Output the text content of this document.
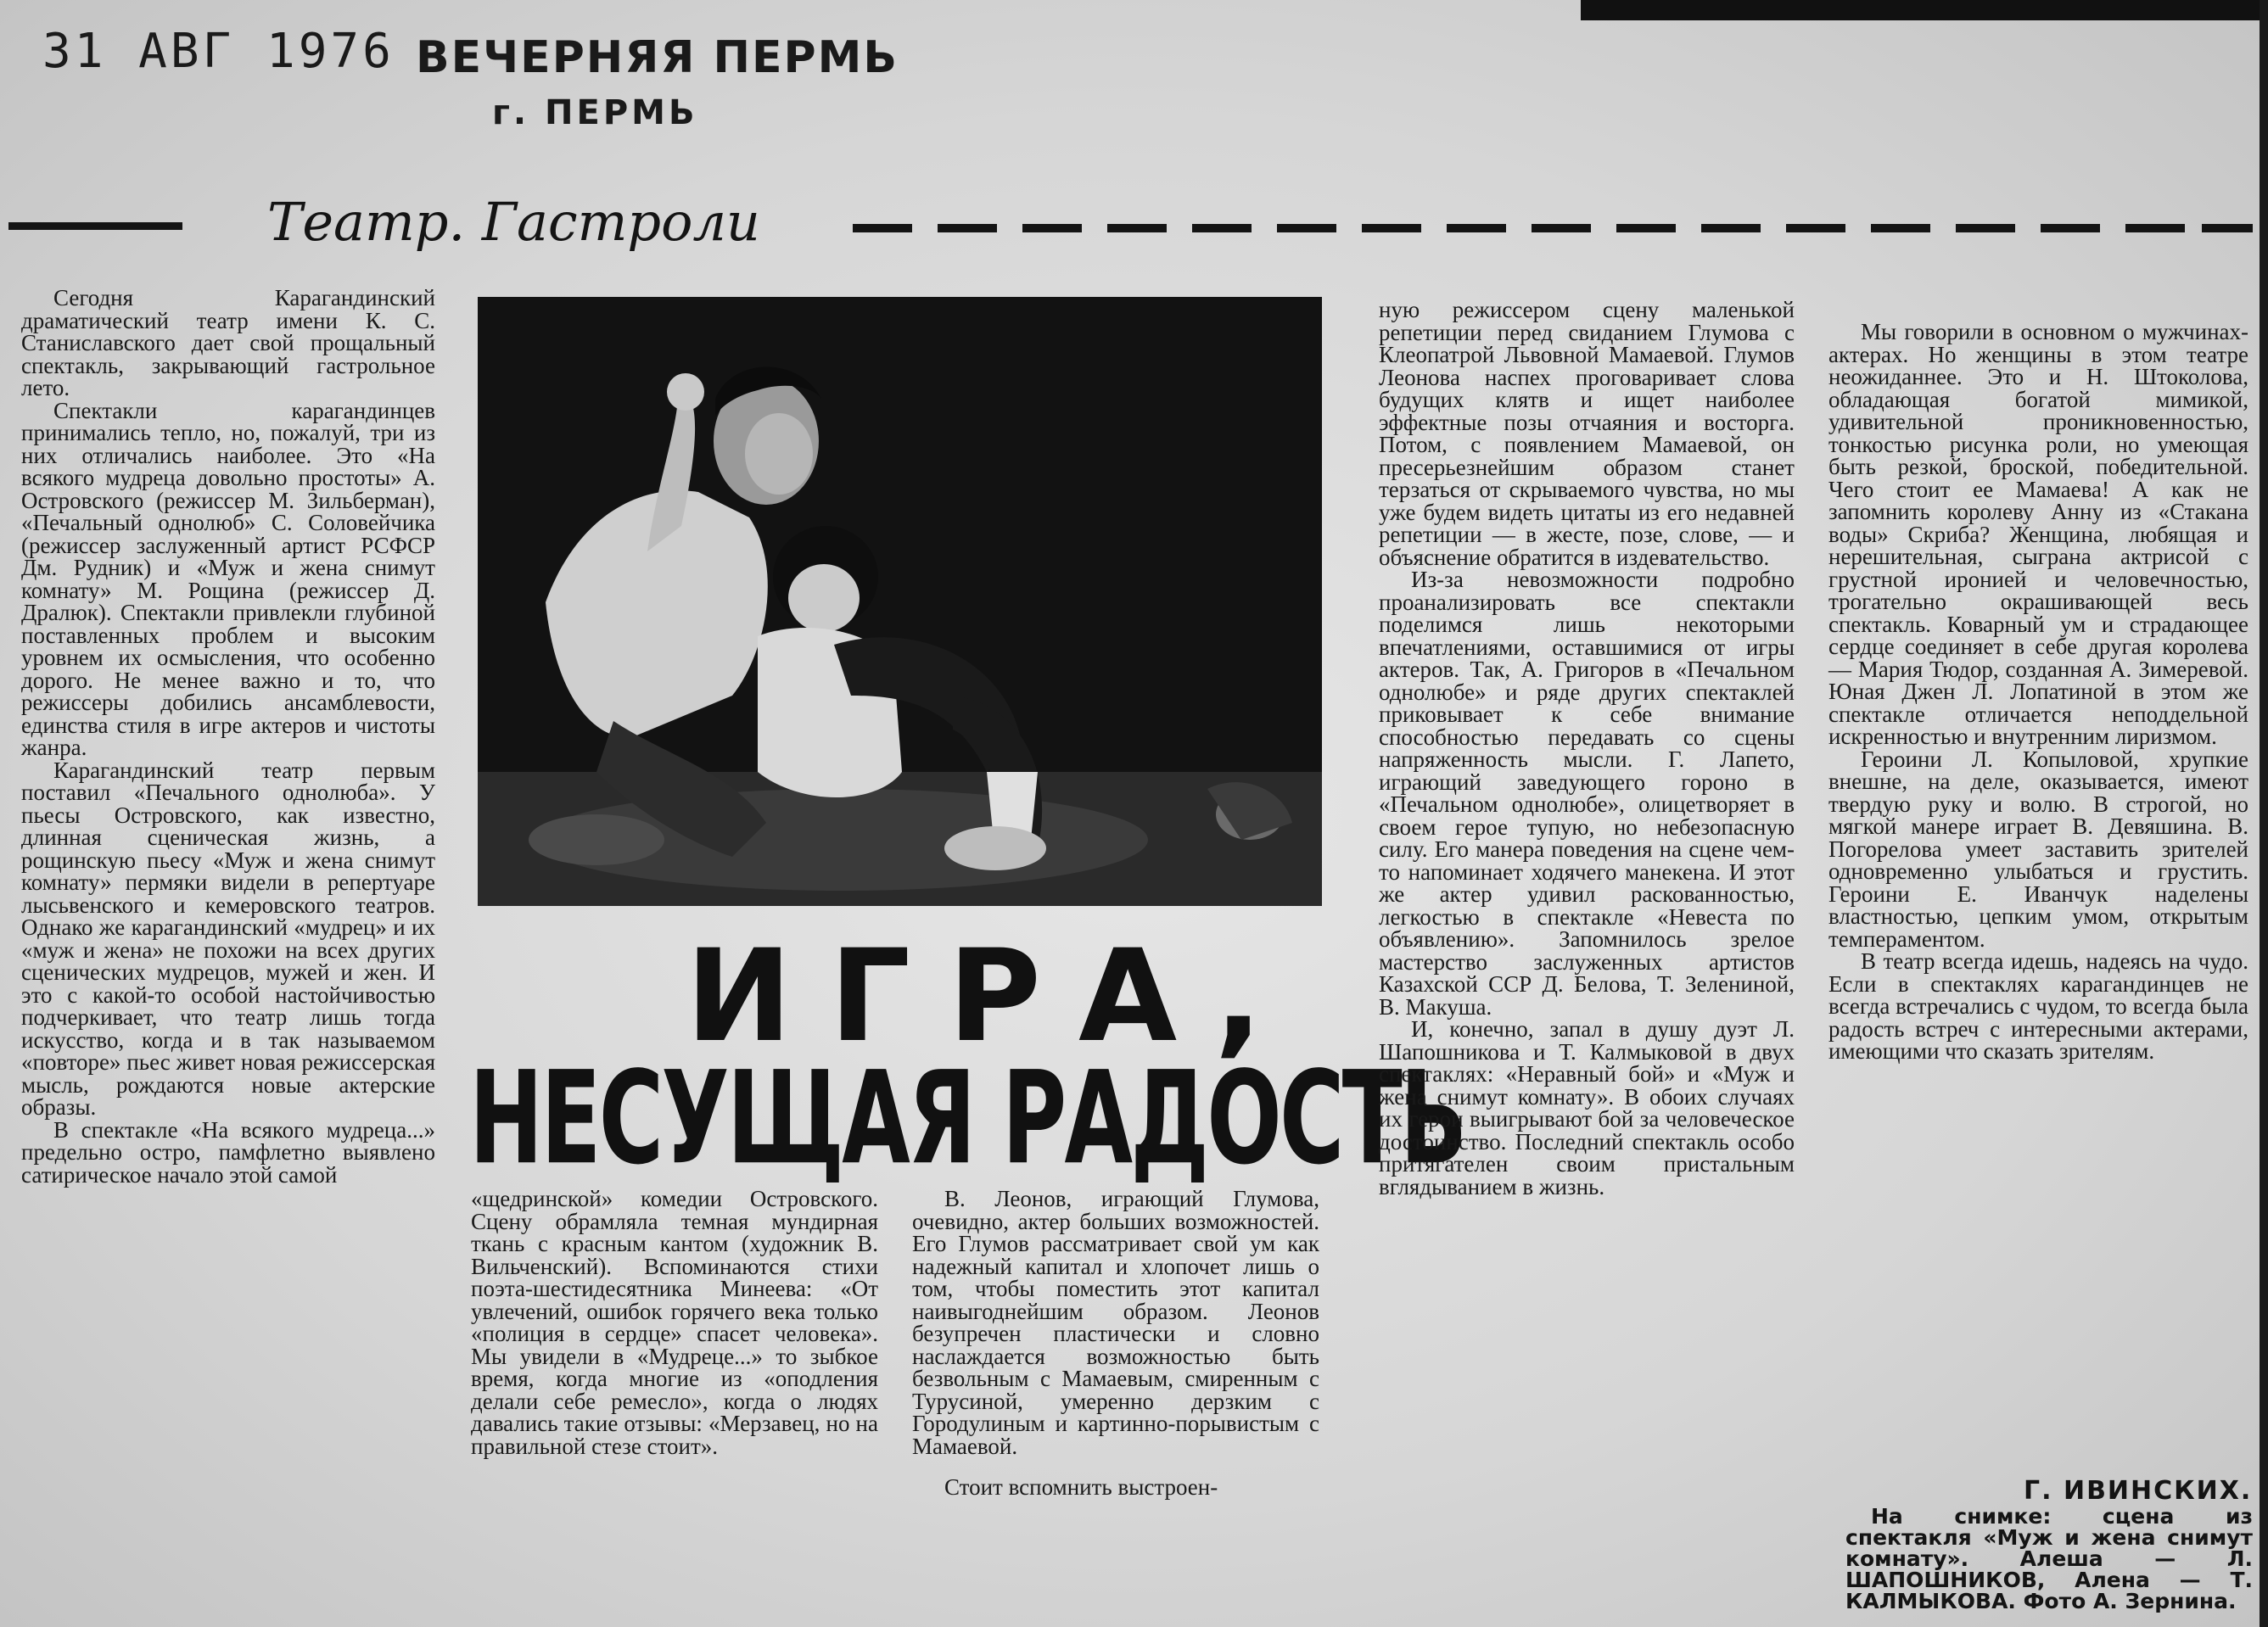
31 АВГ 1976 ВЕЧЕРНЯЯ ПЕРМЬ
г. ПЕРМЬ
Театр. Гастроли

Сегодня Карагандинский драматический театр имени К. С. Станиславского дает свой прощальный спектакль, закрывающий гастрольное лето.

Спектакли карагандинцев принимались тепло, но, пожалуй, три из них отличались наиболее. Это «На всякого мудреца довольно простоты» А. Островского (режиссер М. Зильберман), «Печальный однолюб» С. Соловейчика (режиссер заслуженный артист РСФСР Дм. Рудник) и «Муж и жена снимут комнату» М. Рощина (режиссер Д. Дралюк). Спектакли привлекли глубиной поставленных проблем и высоким уровнем их осмысления, что особенно дорого. Не менее важно и то, что режиссеры добились ансамблевости, единства стиля в игре актеров и чистоты жанра.

Карагандинский театр первым поставил «Печального однолюба». У пьесы Островского, как известно, длинная сценическая жизнь, а рощинскую пьесу «Муж и жена снимут комнату» пермяки видели в репертуаре лысьвенского и кемеровского театров. Однако же карагандинский «мудрец» и их «муж и жена» не похожи на всех других сценических мудрецов, мужей и жен. И это с какой-то особой настойчивостью подчеркивает, что театр лишь тогда искусство, когда и в так называемом «повторе» пьес живет новая режиссерская мысль, рождаются новые актерские образы.

В спектакле «На всякого мудреца...» предельно остро, памфлетно выявлено сатирическое начало этой самой

ИГРА,
НЕСУЩАЯ РАДОСТЬ

«щедринской» комедии Островского. Сцену обрамляла темная мундирная ткань с красным кантом (художник В. Вильченский). Вспоминаются стихи поэта-шестидесятника Минеева: «От увлечений, ошибок горячего века только «полиция в сердце» спасет человека». Мы увидели в «Мудреце...» то зыбкое время, когда многие из «оподления делали себе ремесло», когда о людях давались такие отзывы: «Мерзавец, но на правильной стезе стоит».

В. Леонов, играющий Глумова, очевидно, актер больших возможностей. Его Глумов рассматривает свой ум как надежный капитал и хлопочет лишь о том, чтобы поместить этот капитал наивыгоднейшим образом. Леонов безупречен пластически и словно наслаждается возможностью быть безвольным с Мамаевым, смиренным с Турусиной, умеренно дерзким с Городулиным и картинно-порывистым с Мамаевой.

Стоит вспомнить выстроен-

ную режиссером сцену маленькой репетиции перед свиданием Глумова с Клеопатрой Львовной Мамаевой. Глумов Леонова наспех проговаривает слова будущих клятв и ищет наиболее эффектные позы отчаяния и восторга. Потом, с появлением Мамаевой, он пресерьезнейшим образом станет терзаться от скрываемого чувства, но мы уже будем видеть цитаты из его недавней репетиции — в жесте, позе, слове, — и объяснение обратится в издевательство.

Из-за невозможности подробно проанализировать все спектакли поделимся лишь некоторыми впечатлениями, оставшимися от игры актеров. Так, А. Григоров в «Печальном однолюбе» и ряде других спектаклей приковывает к себе внимание способностью передавать со сцены напряженность мысли. Г. Лапето, играющий заведующего гороно в «Печальном однолюбе», олицетворяет в своем герое тупую, но небезопасную силу. Его манера поведения на сцене чем-то напоминает ходячего манекена. И этот же актер удивил раскованностью, легкостью в спектакле «Невеста по объявлению». Запомнилось зрелое мастерство заслуженных артистов Казахской ССР Д. Белова, Т. Зелениной, В. Макуша.

И, конечно, запал в душу дуэт Л. Шапошникова и Т. Калмыковой в двух спектаклях: «Неравный бой» и «Муж и жена снимут комнату». В обоих случаях их герои выигрывают бой за человеческое достоинство. Последний спектакль особо притягателен своим пристальным вглядыванием в жизнь.

Мы говорили в основном о мужчинах-актерах. Но женщины в этом театре неожиданнее. Это и Н. Штоколова, обладающая богатой мимикой, удивительной проникновенностью, тонкостью рисунка роли, но умеющая быть резкой, броской, победительной. Чего стоит ее Мамаева! А как не запомнить королеву Анну из «Стакана воды» Скриба? Женщина, любящая и нерешительная, сыграна актрисой с грустной иронией и человечностью, трогательно окрашивающей весь спектакль. Коварный ум и страдающее сердце соединяет в себе другая королева — Мария Тюдор, созданная А. Зимеревой. Юная Джен Л. Лопатиной в этом же спектакле отличается неподдельной искренностью и внутренним лиризмом.

Героини Л. Копыловой, хрупкие внешне, на деле, оказывается, имеют твердую руку и волю. В строгой, но мягкой манере играет В. Девяшина. В. Погорелова умеет заставить зрителей одновременно улыбаться и грустить. Героини Е. Иванчук наделены властностью, цепким умом, открытым темпераментом.

В театр всегда идешь, надеясь на чудо. Если в спектаклях карагандинцев не всегда встречались с чудом, то всегда была радость встреч с интересными актерами, имеющими что сказать зрителям.

Г. ИВИНСКИХ.
На снимке: сцена из спектакля «Муж и жена снимут комнату». Алеша — Л. ШАПОШНИКОВ, Алена — Т. КАЛМЫКОВА. Фото А. Зернина.
